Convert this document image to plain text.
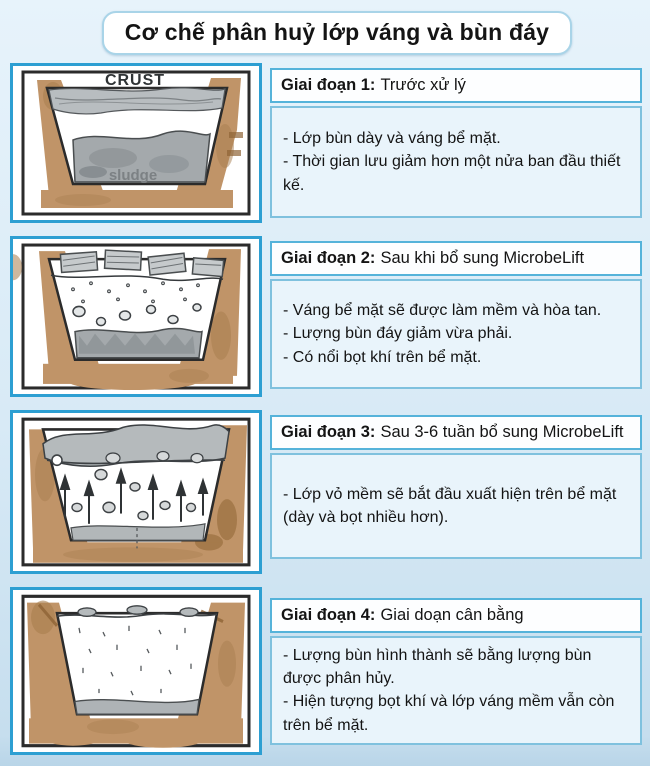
Cơ chế phân huỷ lớp váng và bùn đáy
CRUST
sludge
Giai đoạn 1: Trước xử lý

- Lớp bùn dày và váng bể mặt.

- Thời gian lưu giảm hơn một nửa ban đầu thiết kế.

Giai đoạn 2: Sau khi bổ sung MicrobeLift

- Váng bể mặt sẽ được làm mềm và hòa tan.

- Lượng bùn đáy giảm vừa phải.

- Có nổi bọt khí trên bể mặt.

Giai đoạn 3: Sau 3-6 tuần bổ sung MicrobeLift

- Lớp vỏ mềm sẽ bắt đầu xuất hiện trên bể mặt (dày và bọt nhiều hơn).

Giai đoạn 4: Giai doạn cân bằng

- Lượng bùn hình thành sẽ bằng lượng bùn được phân hủy.

- Hiện tượng bọt khí và lớp váng mềm vẫn còn trên bể mặt.
